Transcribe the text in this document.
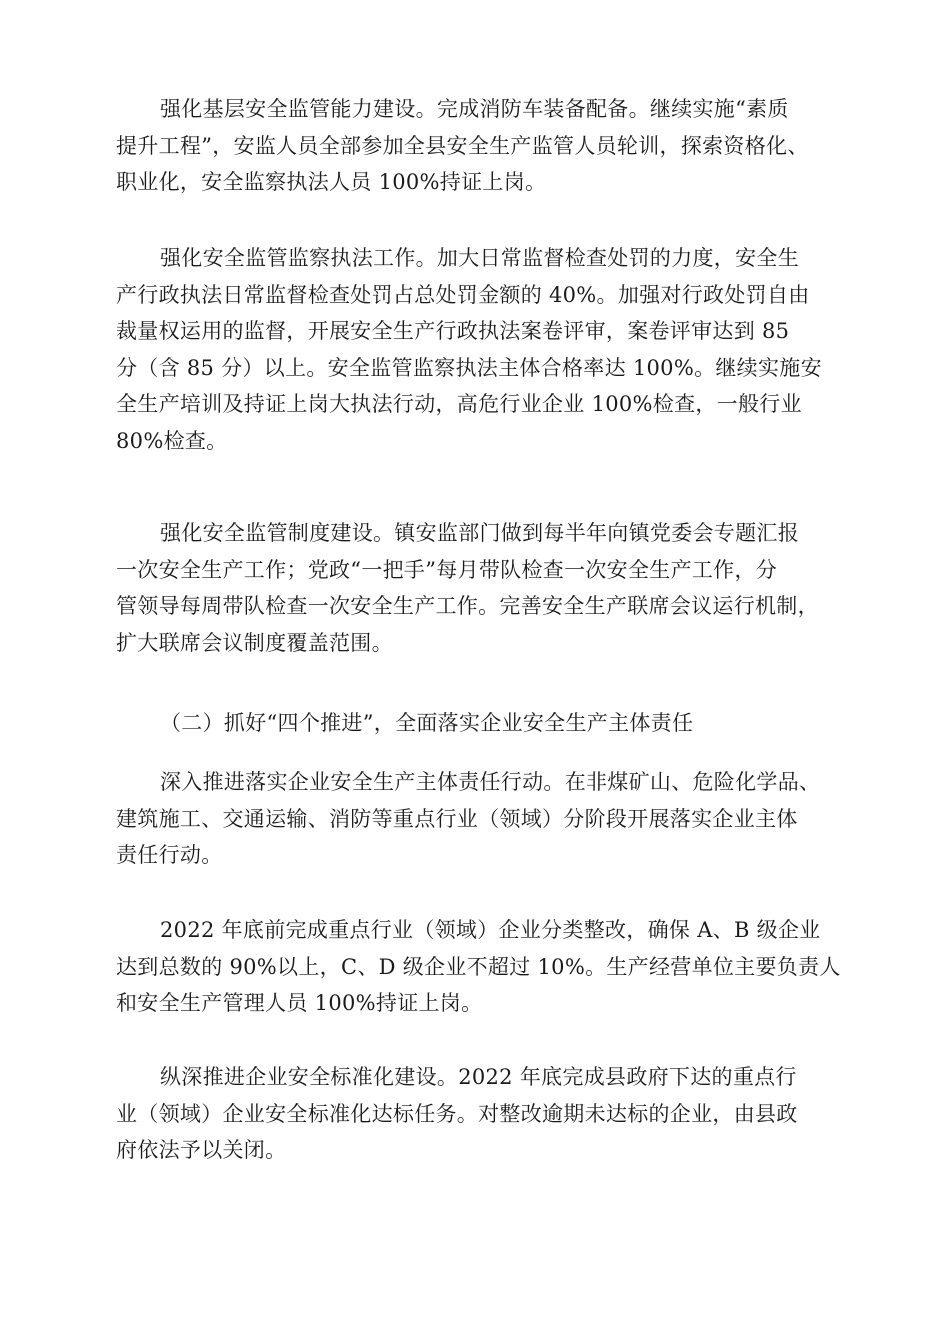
强化基层安全监管能力建设。完成消防车装备配备。继续实施“素质
提升工程”，安监人员全部参加全县安全生产监管人员轮训，探索资格化、
职业化，安全监察执法人员 100%持证上岗。

强化安全监管监察执法工作。加大日常监督检查处罚的力度，安全生
产行政执法日常监督检查处罚占总处罚金额的 40%。加强对行政处罚自由
裁量权运用的监督，开展安全生产行政执法案卷评审，案卷评审达到 85
分（含 85 分）以上。安全监管监察执法主体合格率达 100%。继续实施安
全生产培训及持证上岗大执法行动，高危行业企业 100%检查，一般行业
80%检查。

强化安全监管制度建设。镇安监部门做到每半年向镇党委会专题汇报
一次安全生产工作；党政“一把手”每月带队检查一次安全生产工作，分
管领导每周带队检查一次安全生产工作。完善安全生产联席会议运行机制，
扩大联席会议制度覆盖范围。

（二）抓好“四个推进”，全面落实企业安全生产主体责任

深入推进落实企业安全生产主体责任行动。在非煤矿山、危险化学品、
建筑施工、交通运输、消防等重点行业（领域）分阶段开展落实企业主体
责任行动。

2022 年底前完成重点行业（领域）企业分类整改，确保 A、B 级企业
达到总数的 90%以上，C、D 级企业不超过 10%。生产经营单位主要负责人
和安全生产管理人员 100%持证上岗。

纵深推进企业安全标准化建设。2022 年底完成县政府下达的重点行
业（领域）企业安全标准化达标任务。对整改逾期未达标的企业，由县政
府依法予以关闭。
